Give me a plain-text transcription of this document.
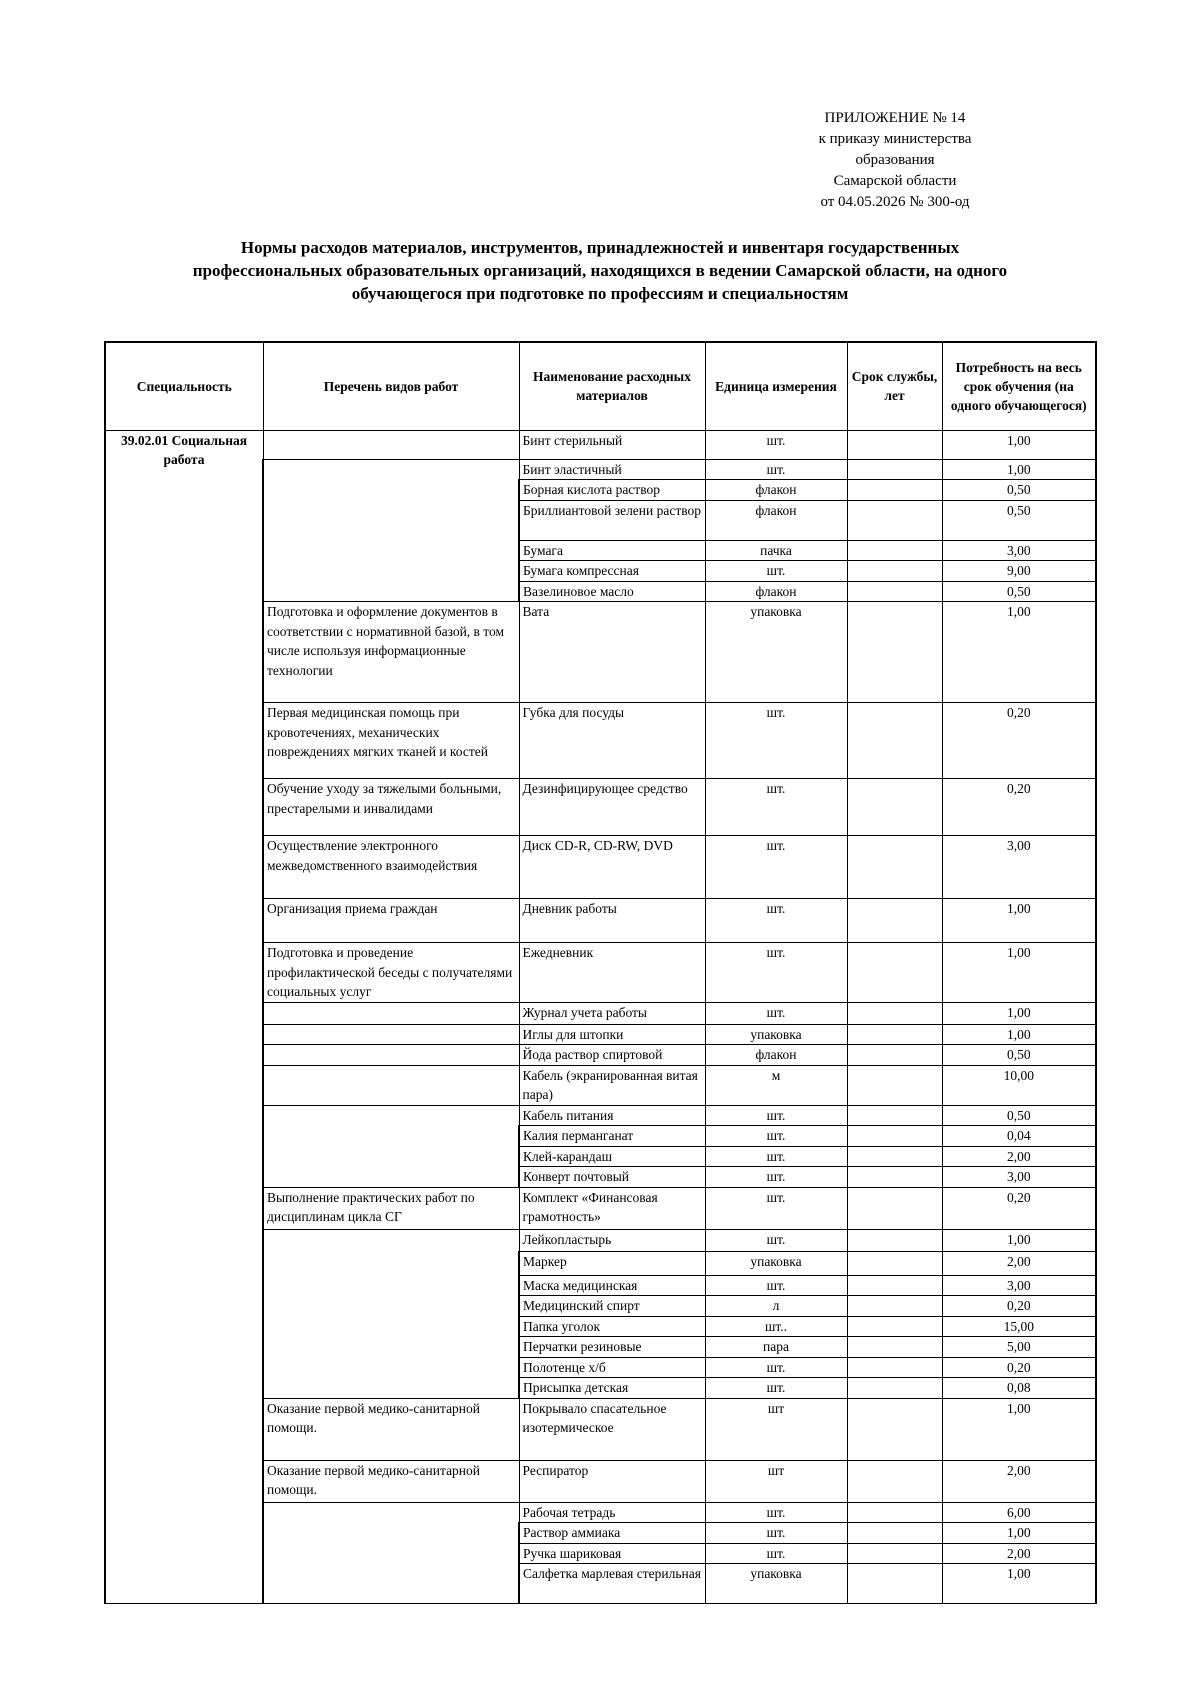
ПРИЛОЖЕНИЕ № 14
к приказу министерства
образования
Самарской области
от 04.05.2026 № 300-од
Нормы расходов материалов, инструментов, принадлежностей и инвентаря государственных
профессиональных образовательных организаций, находящихся в ведении Самарской области, на одного
обучающегося при подготовке по профессиям и специальностям
Специальность	Перечень видов работ	Наименование расходных материалов	Единица измерения	Срок службы, лет	Потребность на весь срок обучения (на одного обучающегося)
39.02.01 Социальная работа		Бинт стерильный	шт.		1,00
		Бинт эластичный	шт.		1,00
		Борная кислота раствор	флакон		0,50
		Бриллиантовой зелени раствор	флакон		0,50
		Бумага	пачка		3,00
		Бумага компрессная	шт.		9,00
		Вазелиновое масло	флакон		0,50
	Подготовка и оформление документов в соответствии с нормативной базой, в том числе используя информационные технологии	Вата	упаковка		1,00
	Первая медицинская помощь при кровотечениях, механических повреждениях мягких тканей и костей	Губка для посуды	шт.		0,20
	Обучение уходу за тяжелыми больными, престарелыми и инвалидами	Дезинфицирующее средство	шт.		0,20
	Осуществление электронного межведомственного взаимодействия	Диск CD-R, CD-RW, DVD	шт.		3,00
	Организация приема граждан	Дневник работы	шт.		1,00
	Подготовка и проведение профилактической беседы с получателями социальных услуг	Ежедневник	шт.		1,00
		Журнал учета работы	шт.		1,00
		Иглы для штопки	упаковка		1,00
		Йода раствор спиртовой	флакон		0,50
		Кабель (экранированная витая пара)	м		10,00
		Кабель питания	шт.		0,50
		Калия перманганат	шт.		0,04
		Клей-карандаш	шт.		2,00
		Конверт почтовый	шт.		3,00
	Выполнение практических работ по дисциплинам цикла СГ	Комплект «Финансовая грамотность»	шт.		0,20
		Лейкопластырь	шт.		1,00
		Маркер	упаковка		2,00
		Маска медицинская	шт.		3,00
		Медицинский спирт	л		0,20
		Папка уголок	шт..		15,00
		Перчатки резиновые	пара		5,00
		Полотенце х/б	шт.		0,20
		Присыпка детская	шт.		0,08
	Оказание первой медико-санитарной помощи.	Покрывало спасательное изотермическое	шт		1,00
	Оказание первой медико-санитарной помощи.	Респиратор	шт		2,00
		Рабочая тетрадь	шт.		6,00
		Раствор аммиака	шт.		1,00
		Ручка шариковая	шт.		2,00
		Салфетка марлевая стерильная	упаковка		1,00
